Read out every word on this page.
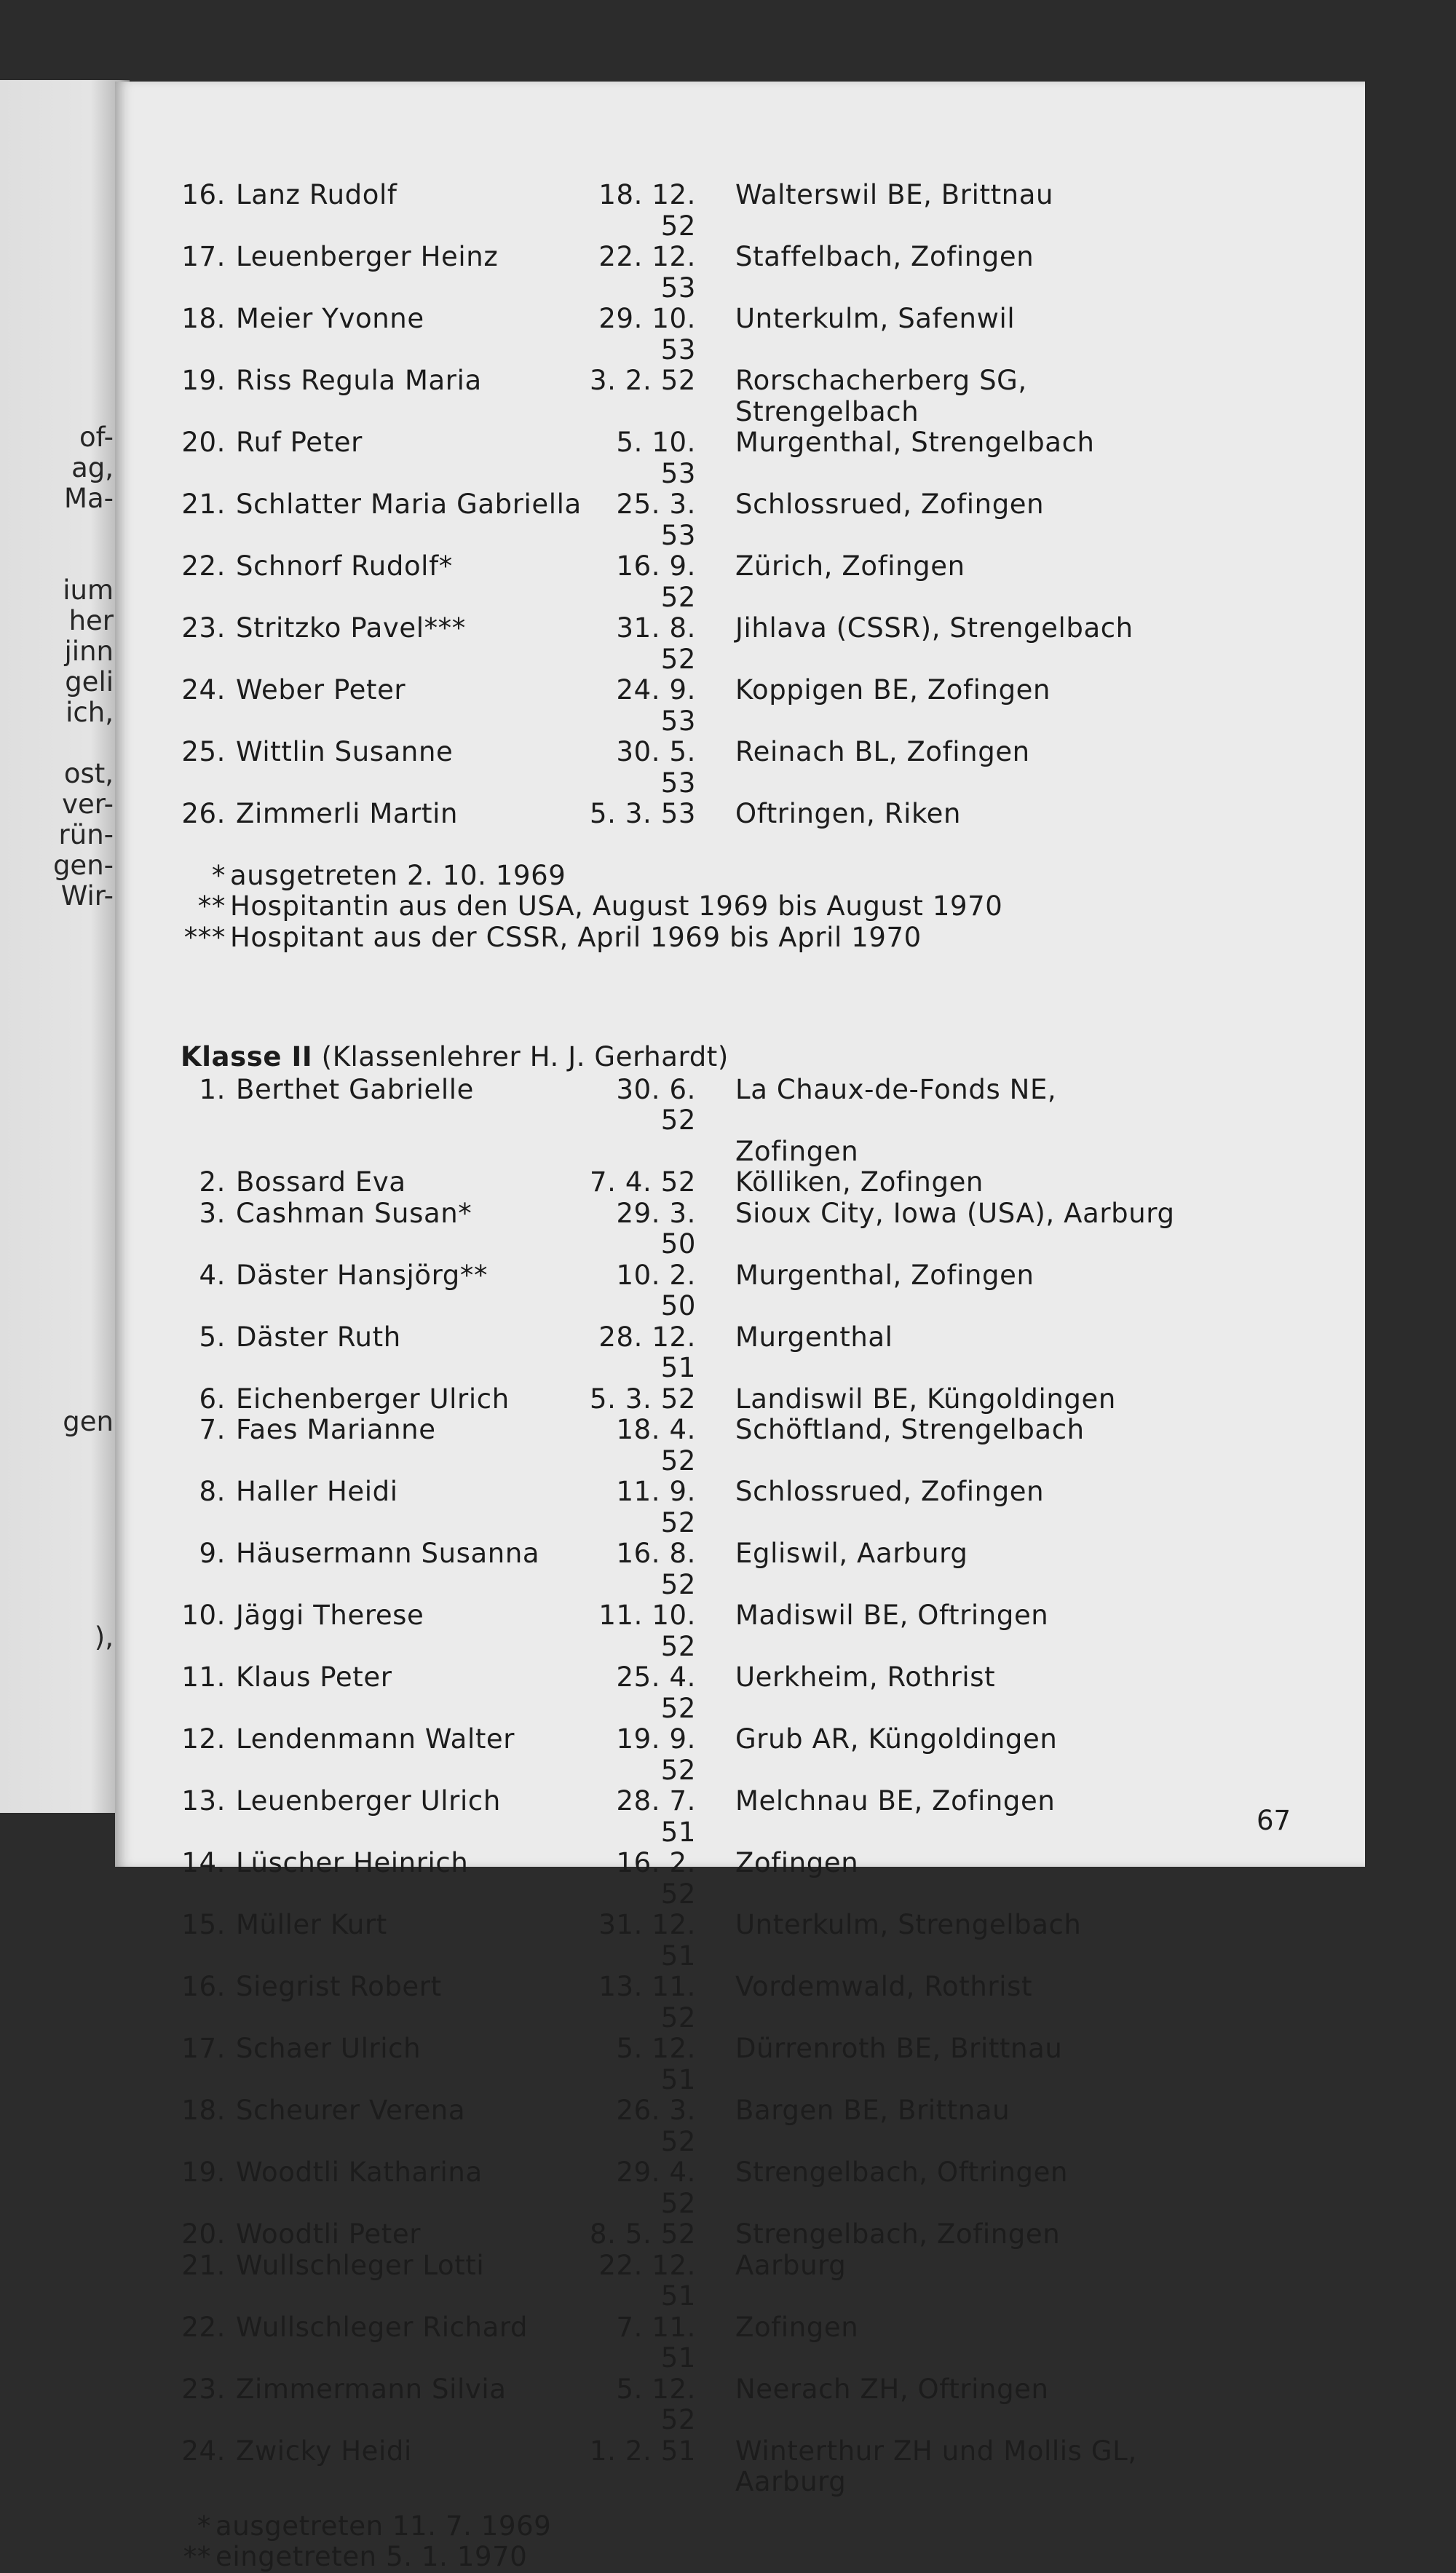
of-
ag,
Ma-
ium
her
jinn
geli
ich,
ost,
ver-
rün-
gen-
Wir-
gen
),
16. Lanz Rudolf	18. 12. 52
Walterswil BE, Brittnau
17. Leuenberger Heinz	22. 12. 53
Staffelbach, Zofingen
18. Meier Yvonne	29. 10. 53
Unterkulm, Safenwil
19. Riss Regula Maria	3. 2. 52	Rorschacherberg SG,
Strengelbach
20. Ruf Peter	5. 10. 53
Murgenthal, Strengelbach
21. Schlatter Maria Gabriella	25. 3. 53
Schlossrued, Zofingen
22. Schnorf Rudolf*	16. 9. 52
Zürich, Zofingen
23. Stritzko Pavel***	31. 8. 52
Jihlava (CSSR), Strengelbach
24. Weber Peter	24. 9. 53
Koppigen BE, Zofingen
25. Wittlin Susanne	30. 5. 53
Reinach BL, Zofingen
26. Zimmerli Martin	5. 3. 53	Oftringen, Riken
* ausgetreten 2. 10. 1969
** Hospitantin aus den USA, August 1969 bis August 1970
*** Hospitant aus der CSSR, April 1969 bis April 1970
Klasse II (Klassenlehrer H. J. Gerhardt)
1. Berthet Gabrielle	30. 6. 52
La Chaux-de-Fonds NE,
Zofingen
2. Bossard Eva	7. 4. 52	Kölliken, Zofingen
3. Cashman Susan*	29. 3. 50
Sioux City, Iowa (USA), Aarburg
4. Däster Hansjörg**	10. 2. 50
Murgenthal, Zofingen
5. Däster Ruth	28. 12. 51
Murgenthal
6. Eichenberger Ulrich	5. 3. 52	Landiswil BE, Küngoldingen
7. Faes Marianne	18. 4. 52
Schöftland, Strengelbach
8. Haller Heidi	11. 9. 52
Schlossrued, Zofingen
9. Häusermann Susanna	16. 8. 52
Egliswil, Aarburg
10. Jäggi Therese	11. 10. 52
Madiswil BE, Oftringen
11. Klaus Peter	25. 4. 52
Uerkheim, Rothrist
12. Lendenmann Walter	19. 9. 52
Grub AR, Küngoldingen
13. Leuenberger Ulrich	28. 7. 51
Melchnau BE, Zofingen
14. Lüscher Heinrich	16. 2. 52
Zofingen
15. Müller Kurt	31. 12. 51
Unterkulm, Strengelbach
16. Siegrist Robert	13. 11. 52
Vordemwald, Rothrist
17. Schaer Ulrich	5. 12. 51
Dürrenroth BE, Brittnau
18. Scheurer Verena	26. 3. 52
Bargen BE, Brittnau
19. Woodtli Katharina	29. 4. 52
Strengelbach, Oftringen
20. Woodtli Peter	8. 5. 52	Strengelbach, Zofingen
21. Wullschleger Lotti	22. 12. 51
Aarburg
22. Wullschleger Richard	7. 11. 51
Zofingen
23. Zimmermann Silvia	5. 12. 52
Neerach ZH, Oftringen
24. Zwicky Heidi	1. 2. 51	Winterthur ZH und Mollis GL,
Aarburg
* ausgetreten 11. 7. 1969
** eingetreten 5. 1. 1970
67
